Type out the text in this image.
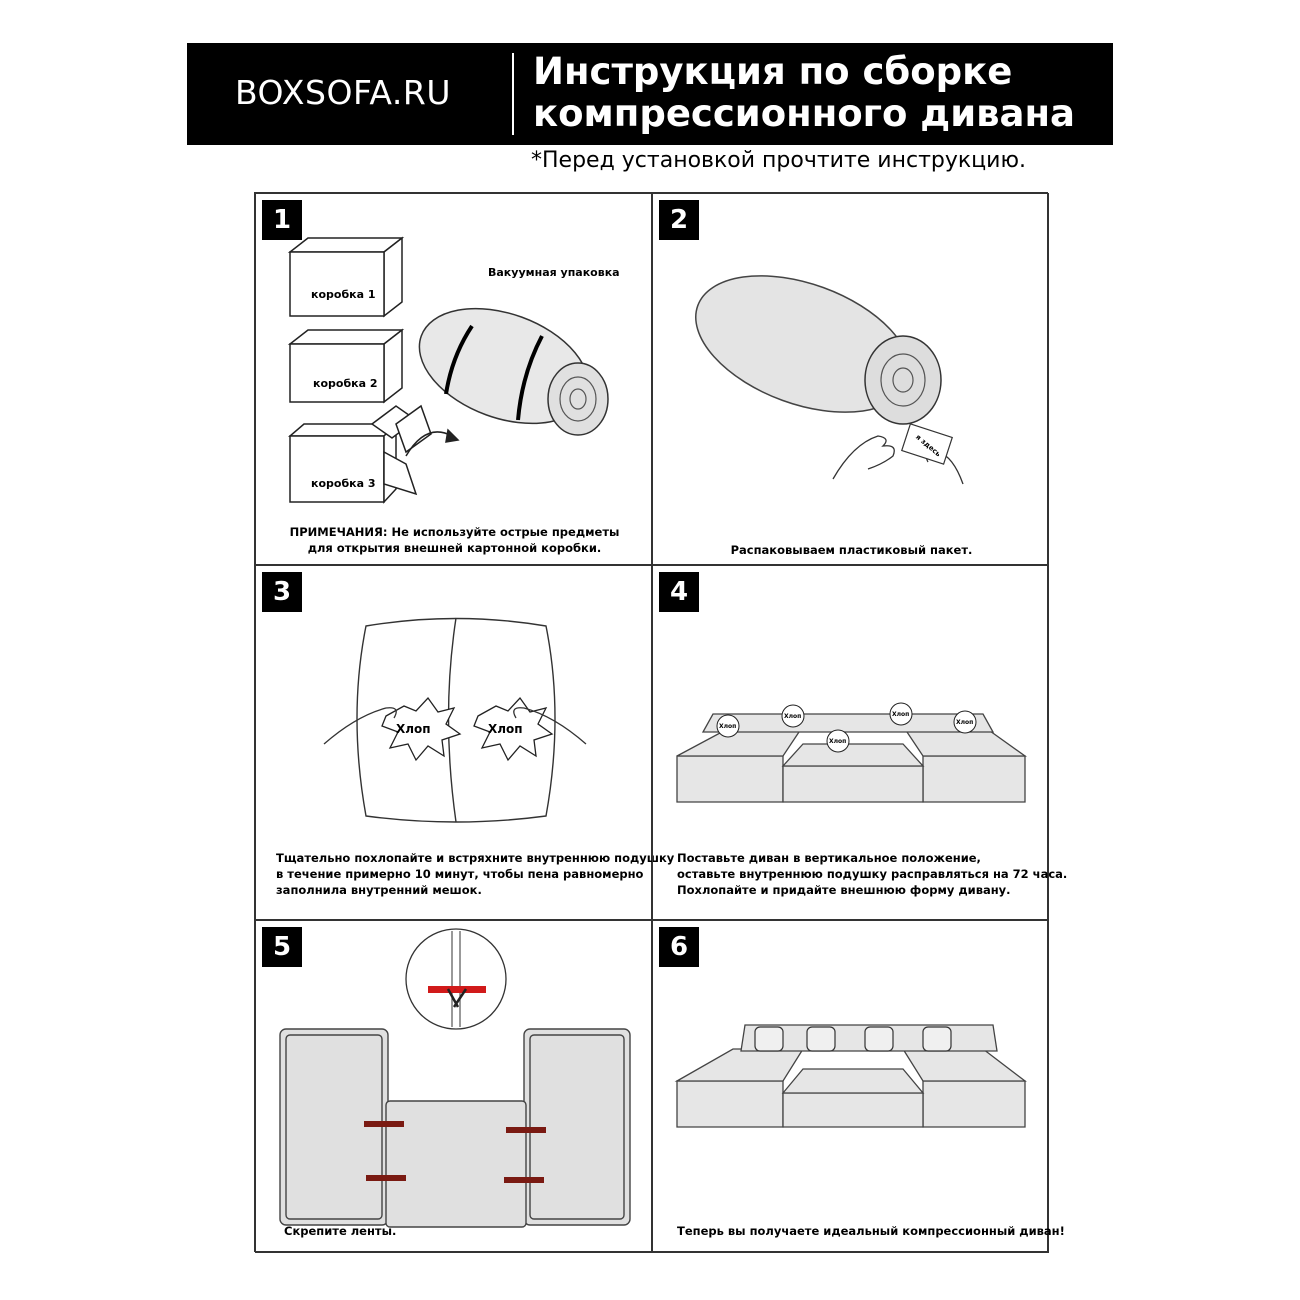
BOXSOFA.RU Инструкция по сборке
компрессионного дивана
*Перед установкой прочтите инструкцию.
1
коробка 1
коробка 2
коробка 3
Вакуумная упаковка
ПРИМЕЧАНИЯ: Не используйте острые предметы
для открытия внешней картонной коробки.
2
я здесь
Распаковываем пластиковый пакет.
3
Хлоп	Хлоп
Тщательно похлопайте и встряхните внутреннюю подушку
в течение примерно 10 минут, чтобы пена равномерно
заполнила внутренний мешок.
4
Хлоп
Хлоп	Хлоп
Хлоп
Хлоп
Поставьте диван в вертикальное положение,
оставьте внутреннюю подушку расправляться на 72 часа.
Похлопайте и придайте внешнюю форму дивану.
5
Скрепите ленты.
6
Теперь вы получаете идеальный компрессионный диван!
